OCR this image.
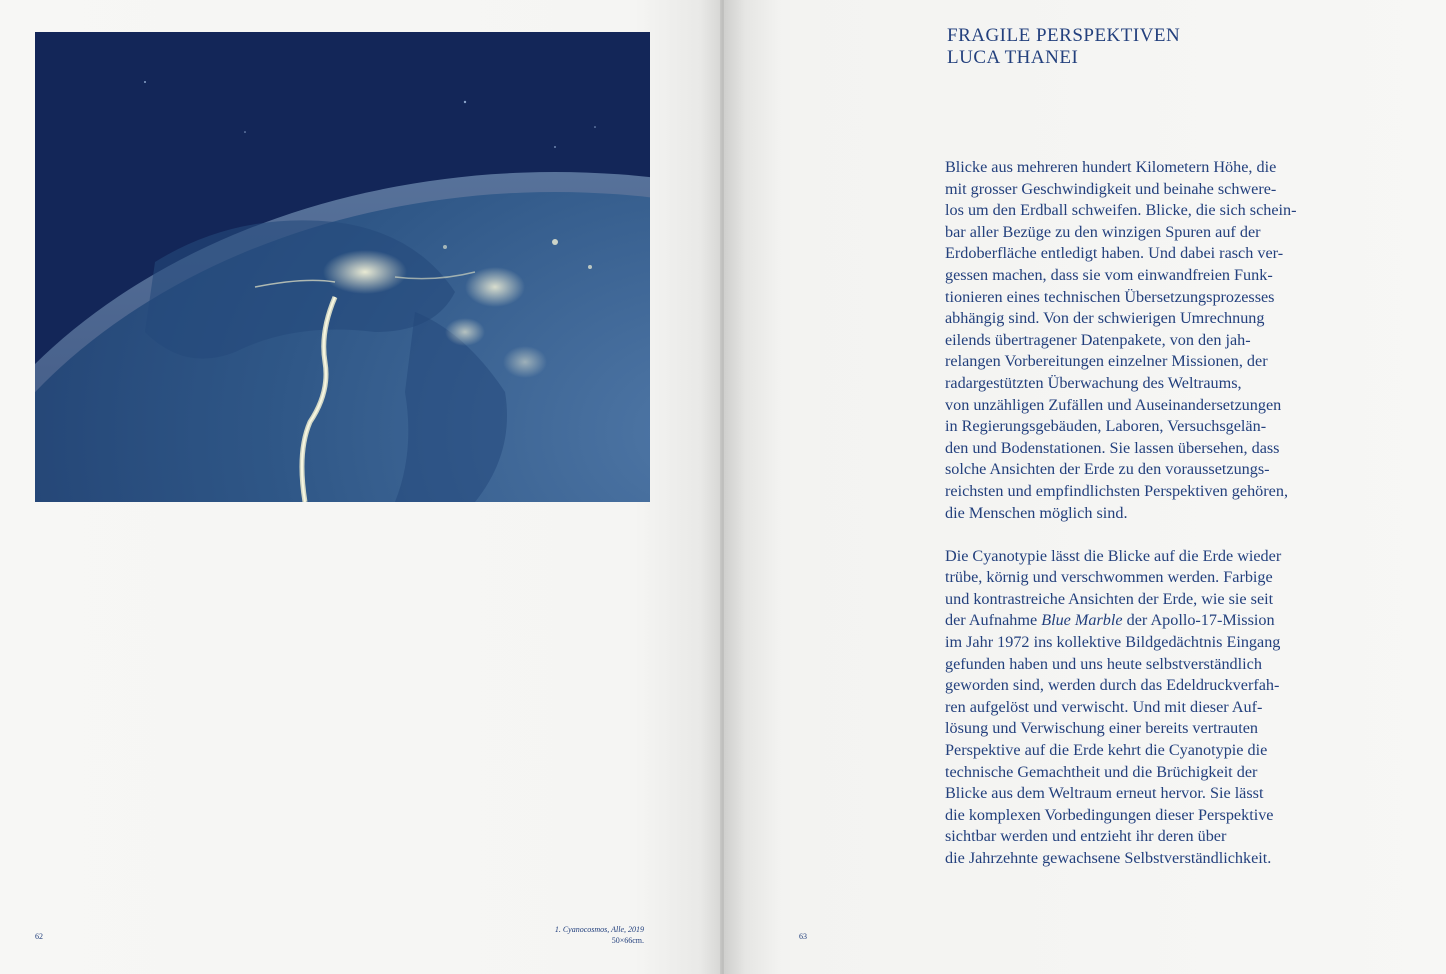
1. Cyanocosmos, Alle, 2019
50×66cm.
62
FRAGILE PERSPEKTIVEN
LUCA THANEI
Blicke aus mehreren hundert Kilometern Höhe, die
mit grosser Geschwindigkeit und beinahe schwere-
los um den Erdball schweifen. Blicke, die sich schein-
bar aller Bezüge zu den winzigen Spuren auf der
Erdoberfläche entledigt haben. Und dabei rasch ver-
gessen machen, dass sie vom einwandfreien Funk-
tionieren eines technischen Übersetzungsprozesses
abhängig sind. Von der schwierigen Umrechnung
eilends übertragener Datenpakete, von den jah-
relangen Vorbereitungen einzelner Missionen, der
radargestützten Überwachung des Weltraums,
von unzähligen Zufällen und Auseinandersetzungen
in Regierungsgebäuden, Laboren, Versuchsgelän-
den und Bodenstationen. Sie lassen übersehen, dass
solche Ansichten der Erde zu den voraussetzungs-
reichsten und empfindlichsten Perspektiven gehören,
die Menschen möglich sind.
Die Cyanotypie lässt die Blicke auf die Erde wieder
trübe, körnig und verschwommen werden. Farbige
und kontrastreiche Ansichten der Erde, wie sie seit
der Aufnahme Blue Marble der Apollo-17-Mission
im Jahr 1972 ins kollektive Bildgedächtnis Eingang
gefunden haben und uns heute selbstverständlich
geworden sind, werden durch das Edeldruckverfah-
ren aufgelöst und verwischt. Und mit dieser Auf-
lösung und Verwischung einer bereits vertrauten
Perspektive auf die Erde kehrt die Cyanotypie die
technische Gemachtheit und die Brüchigkeit der
Blicke aus dem Weltraum erneut hervor. Sie lässt
die komplexen Vorbedingungen dieser Perspektive
sichtbar werden und entzieht ihr deren über
die Jahrzehnte gewachsene Selbstverständlichkeit.
63
